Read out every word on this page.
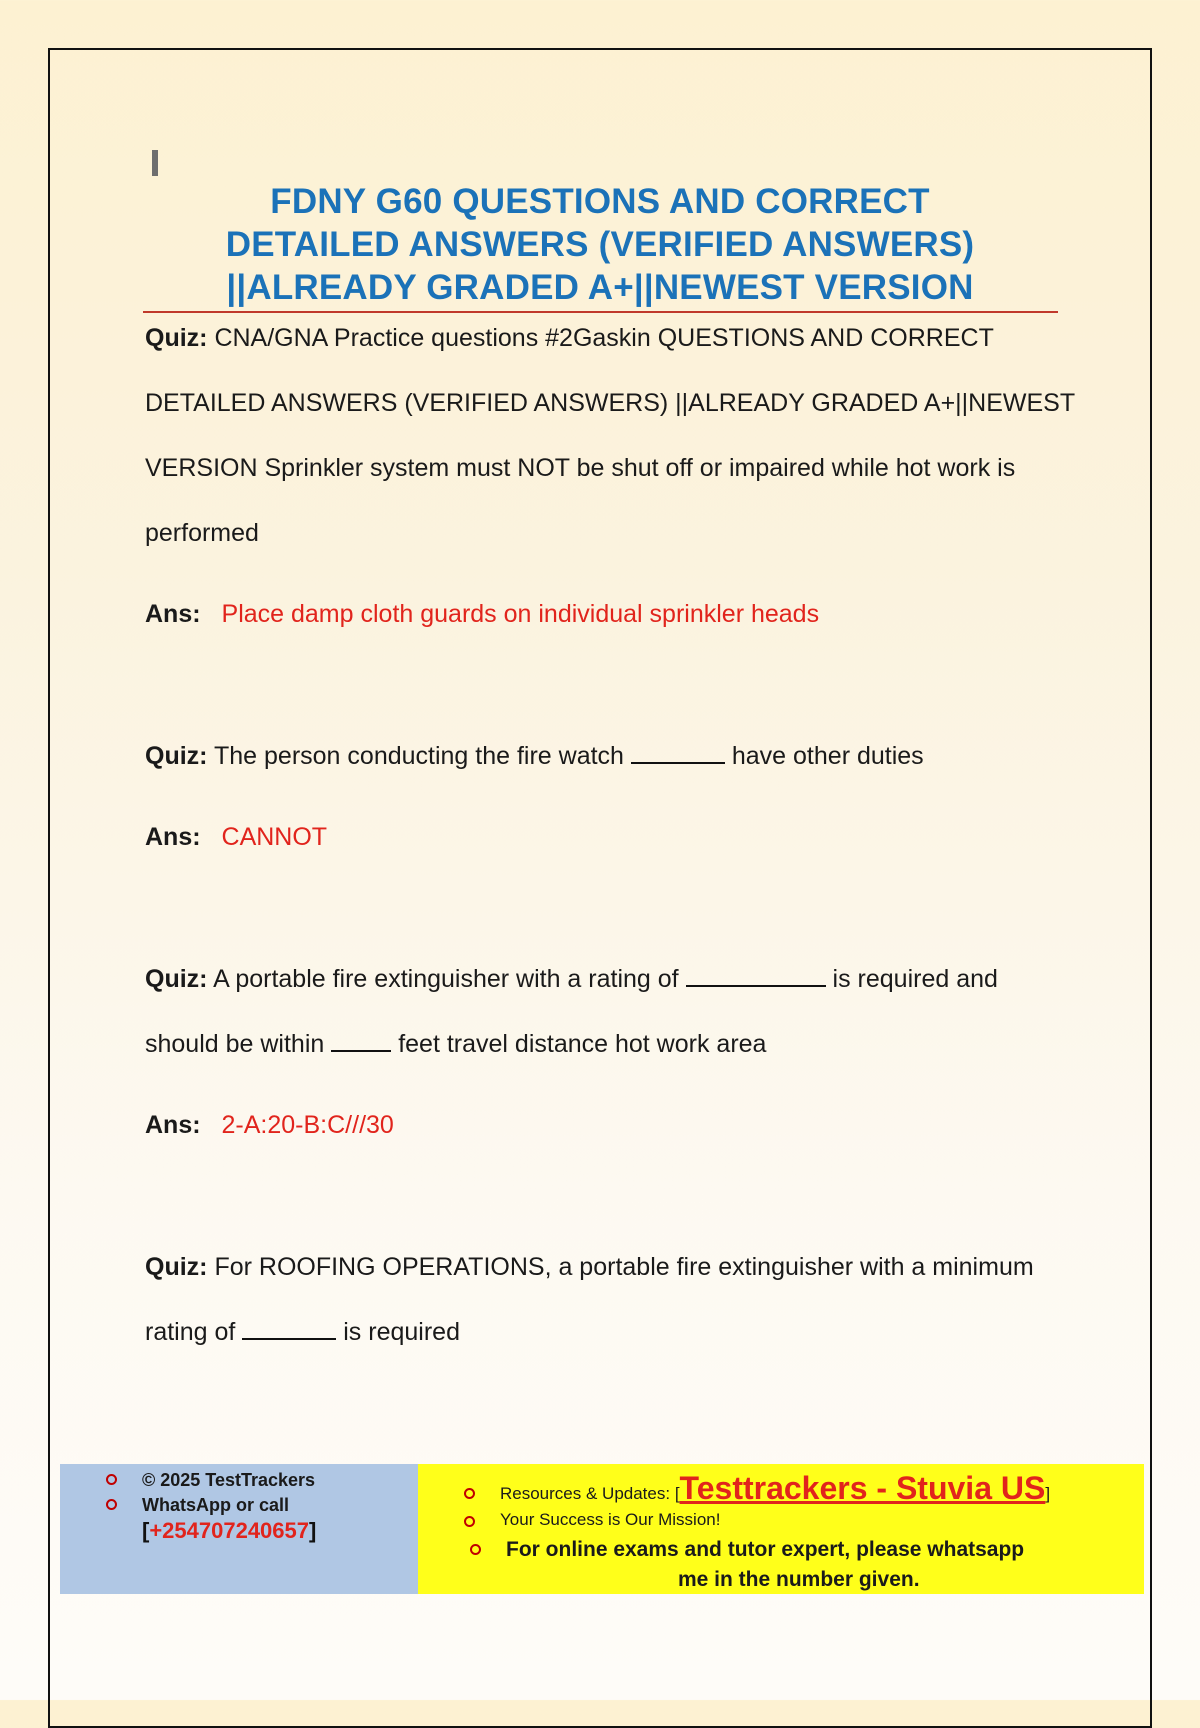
FDNY G60 QUESTIONS AND CORRECT
DETAILED ANSWERS (VERIFIED ANSWERS)
||ALREADY GRADED A+||NEWEST VERSION
Quiz: CNA/GNA Practice questions #2Gaskin QUESTIONS AND CORRECT DETAILED ANSWERS (VERIFIED ANSWERS) ||ALREADY GRADED A+||NEWEST VERSION Sprinkler system must NOT be shut off or impaired while hot work is performed
Ans: Place damp cloth guards on individual sprinkler heads
Quiz: The person conducting the fire watch	have other duties
Ans: CANNOT
Quiz: A portable fire extinguisher with a rating of	is required and should be within	feet travel distance hot work area
Ans: 2-A:20-B:C///30
Quiz: For ROOFING OPERATIONS, a portable fire extinguisher with a minimum rating of	is required
© 2025 TestTrackers
WhatsApp or call
[+254707240657]
Resources & Updates: [Testtrackers - Stuvia US]
Your Success is Our Mission!
For online exams and tutor expert, please whatsapp
me in the number given.
